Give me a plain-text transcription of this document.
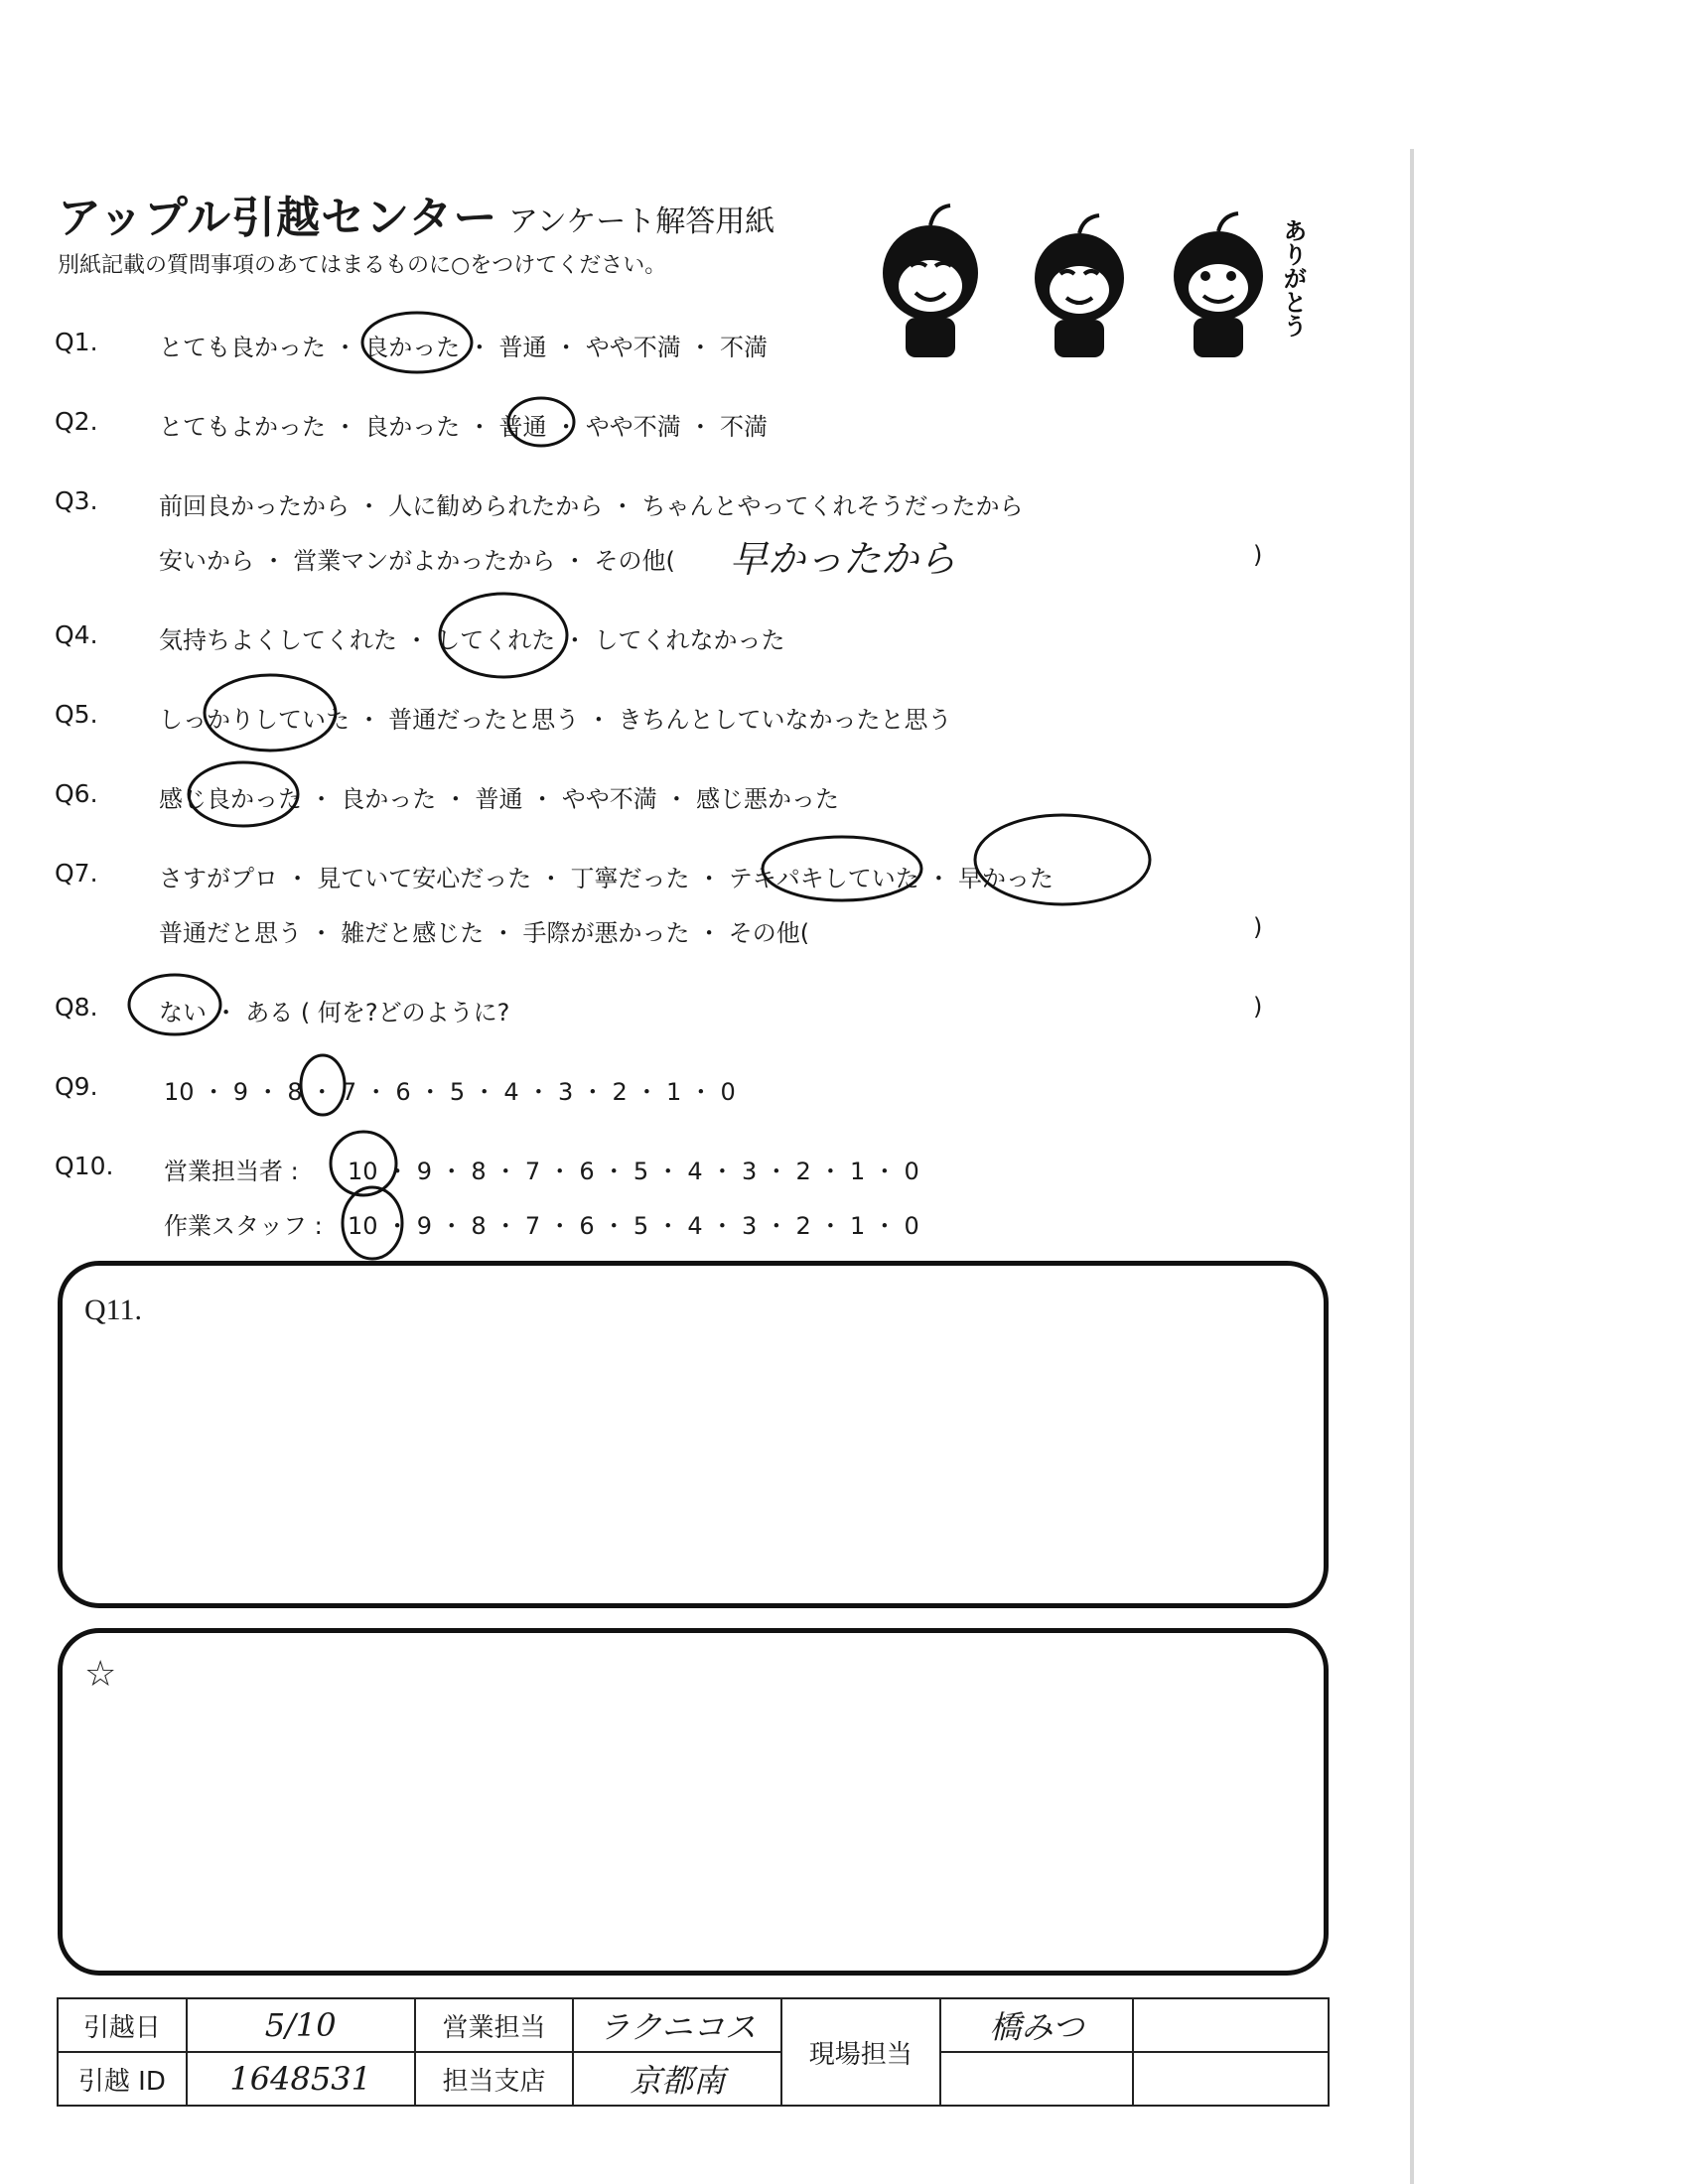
アップル引越センター アンケート解答用紙
別紙記載の質問事項のあてはまるものに○をつけてください。	ありがとう
Q1.	とても良かった ・ 良かった ・ 普通 ・ やや不満 ・ 不満
Q2.	とてもよかった ・ 良かった ・ 普通 ・ やや不満 ・ 不満
Q3.	前回良かったから ・ 人に勧められたから ・ ちゃんとやってくれそうだったから
安いから ・ 営業マンがよかったから ・ その他( 早かったから	)
Q4.	気持ちよくしてくれた ・ してくれた ・ してくれなかった
Q5.	しっかりしていた ・ 普通だったと思う ・ きちんとしていなかったと思う
Q6.	感じ良かった ・ 良かった ・ 普通 ・ やや不満 ・ 感じ悪かった
Q7.	さすがプロ ・ 見ていて安心だった ・ 丁寧だった ・ テキパキしていた ・ 早かった
普通だと思う ・ 雑だと感じた ・ 手際が悪かった ・ その他(	)
Q8.	ない ・ ある ( 何を?どのように?	)
Q9.	10 ・ 9 ・ 8 ・ 7 ・ 6 ・ 5 ・ 4 ・ 3 ・ 2 ・ 1 ・ 0
Q10. 営業担当者 : 10 ・ 9 ・ 8 ・ 7 ・ 6 ・ 5 ・ 4 ・ 3 ・ 2 ・ 1 ・ 0
作業スタッフ : 10 ・ 9 ・ 8 ・ 7 ・ 6 ・ 5 ・ 4 ・ 3 ・ 2 ・ 1 ・ 0
Q11.
☆
引越日	5/10	営業担当	ラクニコス	現場担当	橋みつ	
引越 ID	1648531	担当支店	京都南			
